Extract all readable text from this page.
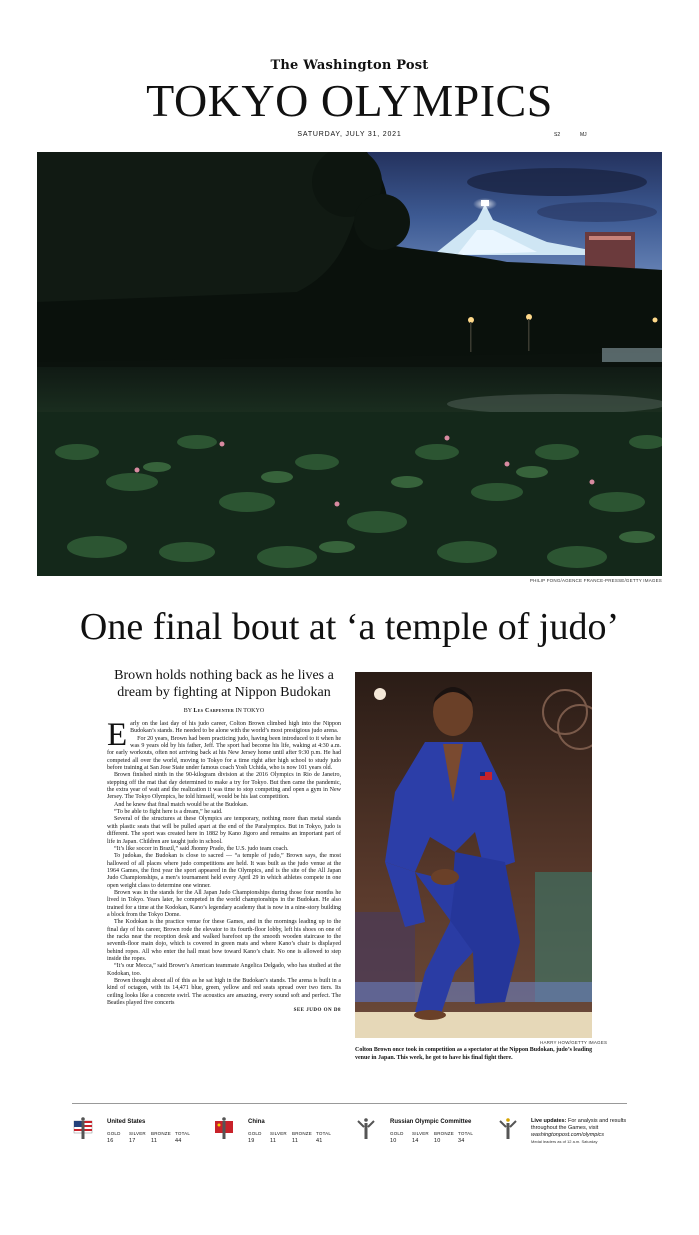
The Washington Post
TOKYO OLYMPICS
SATURDAY, JULY 31, 2021	S2	MJ
PHILIP FONG/AGENCE FRANCE-PRESSE/GETTY IMAGES
One final bout at ‘a temple of judo’
Brown holds nothing back as he lives a dream by fighting at Nippon Budokan
BY Les Carpenter IN TOKYO

Early on the last day of his judo career, Colton Brown climbed high into the Nippon Budokan’s stands. He needed to be alone with the world’s most prestigious judo arena.

For 20 years, Brown had been practicing judo, having been introduced to it when he was 9 years old by his father, Jeff. The sport had become his life, waking at 4:30 a.m. for early workouts, often not arriving back at his New Jersey home until after 9:30 p.m. He had competed all over the world, moving to Tokyo for a time right after high school to study judo before training at San Jose State under famous coach Yosh Uchida, who is now 101 years old.

Brown finished ninth in the 90-kilogram division at the 2016 Olympics in Rio de Janeiro, stepping off the mat that day determined to make a try for Tokyo. But then came the pandemic, the extra year of wait and the realization it was time to stop competing and open a gym in New Jersey. The Tokyo Olympics, he told himself, would be his last competition.

And he knew that final match would be at the Budokan.

“To be able to fight here is a dream,” he said.

Several of the structures at these Olympics are temporary, nothing more than metal stands with plastic seats that will be pulled apart at the end of the Paralympics. But in Tokyo, judo is different. The sport was created here in 1882 by Kano Jigoro and remains an important part of life in Japan. Children are taught judo in school.

“It’s like soccer in Brazil,” said Jhonny Prado, the U.S. judo team coach.

To judokas, the Budokan is close to sacred — “a temple of judo,” Brown says, the most hallowed of all places where judo competitions are held. It was built as the judo venue at the 1964 Games, the first year the sport appeared in the Olympics, and is the site of the All Japan Judo Championships, a men’s tournament held every April 29 in which athletes compete in one open weight class to determine one winner.

Brown was in the stands for the All Japan Judo Championships during those four months he lived in Tokyo. Years later, he competed in the world championships in the Budokan. He also trained for a time at the Kodokan, Kano’s legendary academy that is now in a nine-story building a block from the Tokyo Dome.

The Kodokan is the practice venue for these Games, and in the mornings leading up to the final day of his career, Brown rode the elevator to its fourth-floor lobby, left his shoes on one of the racks near the reception desk and walked barefoot up the smooth wooden staircase to the seventh-floor main dojo, which is covered in green mats and where Kano’s chair is displayed behind ropes. All who enter the hall must bow toward Kano’s chair. No one is allowed to step inside the ropes.

“It’s our Mecca,” said Brown’s American teammate Angelica Delgado, who has studied at the Kodokan, too.

Brown thought about all of this as he sat high in the Budokan’s stands. The arena is built in a kind of octagon, with its 14,471 blue, green, yellow and red seats spread over two tiers. Its ceiling looks like a concrete swirl. The acoustics are amazing, every sound soft and perfect. The Beatles played five concerts

SEE JUDO ON D8
HARRY HOW/GETTY IMAGES
Colton Brown once took in competition as a spectator at the Nippon Budokan, judo’s leading venue in Japan. This week, he got to have his final fight there.
United States
GOLD	SILVER	BRONZE TOTAL
16	17	11	44
China
GOLD	SILVER	BRONZE TOTAL
19	11	11	41
Russian Olympic Committee
GOLD	SILVER	BRONZE TOTAL
10	14	10	34
Live updates: For analysis and results throughout the Games, visit washingtonpost.com/olympics
Medal leaders as of 12 a.m. Saturday
